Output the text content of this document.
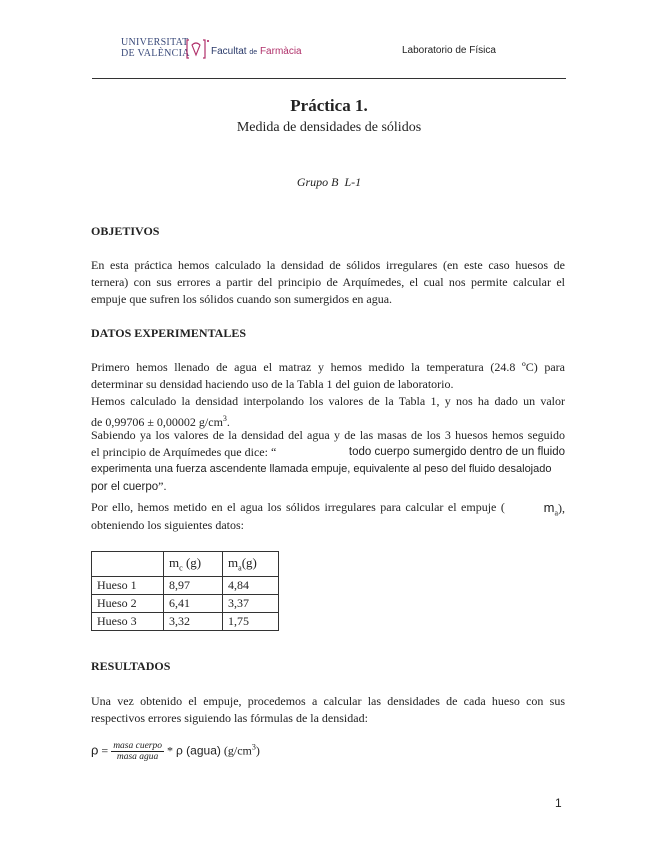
UNIVERSITAT
DE VALÈNCIA Facultat de Farmàcia	Laboratorio de Física
Práctica 1.
Medida de densidades de sólidos
Grupo B  L-1
OBJETIVOS
En esta práctica hemos calculado la densidad de sólidos irregulares (en este caso huesos de ternera) con sus errores a partir del principio de Arquímedes, el cual nos permite calcular el empuje que sufren los sólidos cuando son sumergidos en agua.
DATOS EXPERIMENTALES
Primero hemos llenado de agua el matraz y hemos medido la temperatura (24.8 ºC) para determinar su densidad haciendo uso de la Tabla 1 del guion de laboratorio.
Hemos calculado la densidad interpolando los valores de la Tabla 1, y nos ha dado un valor
de 0,99706 ± 0,00002 $g/cm^3$.
Sabiendo ya los valores de la densidad del agua y de las masas de los 3 huesos hemos seguido
el principio de Arquímedes que dice: “	todo cuerpo sumergido dentro de un fluido
experimenta una fuerza ascendente llamada empuje, equivalente al peso del fluido desalojado
por el cuerpo”.
Por ello, hemos metido en el agua los sólidos irregulares para calcular el empuje (	$m_a$),
obteniendo los siguientes datos:
	$m_c$ (g)	$m_a(g)$
Hueso 1	8,97	4,84
Hueso 2	6,41	3,37
Hueso 3	3,32	1,75
RESULTADOS
Una vez obtenido el empuje, procedemos a calcular las densidades de cada hueso con sus respectivos errores siguiendo las fórmulas de la densidad:
$\rho = \frac{\text{masa cuerpo}}{\text{masa agua}} * \rho$ (agua) $(g/cm^3)$
1
